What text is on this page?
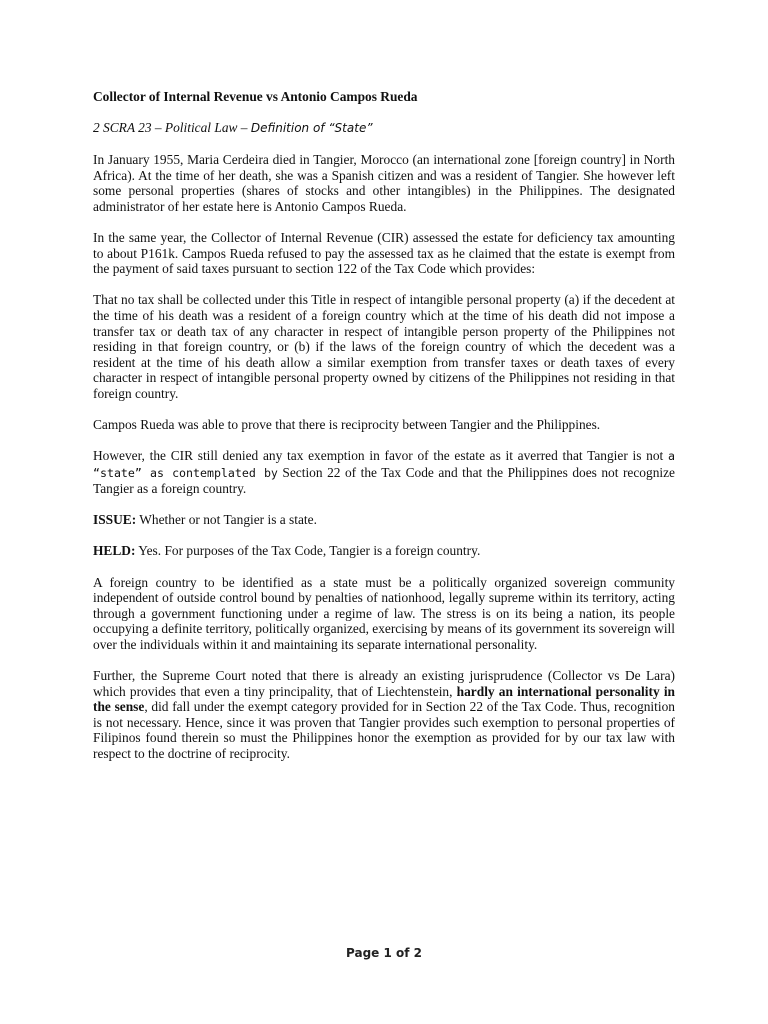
Collector of Internal Revenue vs Antonio Campos Rueda

2 SCRA 23 – Political Law – Definition of “State”

In January 1955, Maria Cerdeira died in Tangier, Morocco (an international zone [foreign country] in North Africa). At the time of her death, she was a Spanish citizen and was a resident of Tangier. She however left some personal properties (shares of stocks and other intangibles) in the Philippines. The designated administrator of her estate here is Antonio Campos Rueda.

In the same year, the Collector of Internal Revenue (CIR) assessed the estate for deficiency tax amounting to about P161k. Campos Rueda refused to pay the assessed tax as he claimed that the estate is exempt from the payment of said taxes pursuant to section 122 of the Tax Code which provides:

That no tax shall be collected under this Title in respect of intangible personal property (a) if the decedent at the time of his death was a resident of a foreign country which at the time of his death did not impose a transfer tax or death tax of any character in respect of intangible person property of the Philippines not residing in that foreign country, or (b) if the laws of the foreign country of which the decedent was a resident at the time of his death allow a similar exemption from transfer taxes or death taxes of every character in respect of intangible personal property owned by citizens of the Philippines not residing in that foreign country.

Campos Rueda was able to prove that there is reciprocity between Tangier and the Philippines.

However, the CIR still denied any tax exemption in favor of the estate as it averred that Tangier is not a “state” as contemplated by Section 22 of the Tax Code and that the Philippines does not recognize Tangier as a foreign country.

ISSUE: Whether or not Tangier is a state.

HELD: Yes. For purposes of the Tax Code, Tangier is a foreign country.

A foreign country to be identified as a state must be a politically organized sovereign community independent of outside control bound by penalties of nationhood, legally supreme within its territory, acting through a government functioning under a regime of law. The stress is on its being a nation, its people occupying a definite territory, politically organized, exercising by means of its government its sovereign will over the individuals within it and maintaining its separate international personality.

Further, the Supreme Court noted that there is already an existing jurisprudence (Collector vs De Lara) which provides that even a tiny principality, that of Liechtenstein, hardly an international personality in the sense, did fall under the exempt category provided for in Section 22 of the Tax Code. Thus, recognition is not necessary. Hence, since it was proven that Tangier provides such exemption to personal properties of Filipinos found therein so must the Philippines honor the exemption as provided for by our tax law with respect to the doctrine of reciprocity.

Page 1 of 2
